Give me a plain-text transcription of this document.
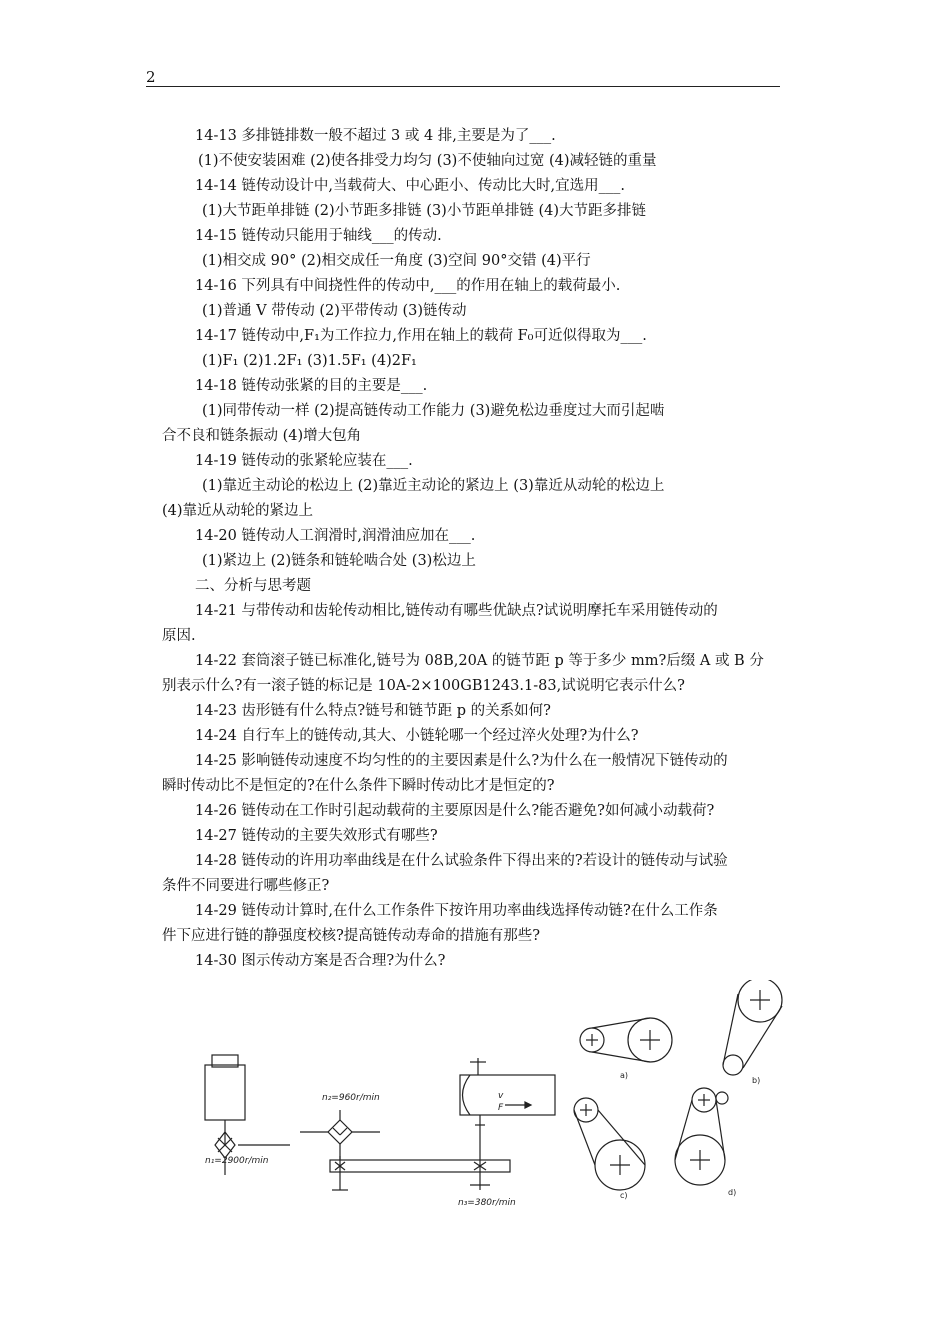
2
14-13 多排链排数一般不超过 3 或 4 排,主要是为了___.
(1)不使安装困难 (2)使各排受力均匀 (3)不使轴向过宽 (4)减轻链的重量
14-14 链传动设计中,当载荷大、中心距小、传动比大时,宜选用___.
(1)大节距单排链 (2)小节距多排链 (3)小节距单排链 (4)大节距多排链
14-15 链传动只能用于轴线___的传动.
(1)相交成 90° (2)相交成任一角度 (3)空间 90°交错 (4)平行
14-16 下列具有中间挠性件的传动中,___的作用在轴上的载荷最小.
(1)普通 V 带传动 (2)平带传动 (3)链传动
14-17 链传动中,F₁为工作拉力,作用在轴上的载荷 F₀可近似得取为___.
(1)F₁ (2)1.2F₁ (3)1.5F₁ (4)2F₁
14-18 链传动张紧的目的主要是___.
(1)同带传动一样 (2)提高链传动工作能力 (3)避免松边垂度过大而引起啮
合不良和链条振动 (4)增大包角
14-19 链传动的张紧轮应装在___.
(1)靠近主动论的松边上 (2)靠近主动论的紧边上 (3)靠近从动轮的松边上
(4)靠近从动轮的紧边上
14-20 链传动人工润滑时,润滑油应加在___.
(1)紧边上 (2)链条和链轮啮合处 (3)松边上
二、分析与思考题
14-21 与带传动和齿轮传动相比,链传动有哪些优缺点?试说明摩托车采用链传动的
原因.
14-22 套筒滚子链已标准化,链号为 08B,20A 的链节距 p 等于多少 mm?后缀 A 或 B 分
别表示什么?有一滚子链的标记是 10A-2×100GB1243.1-83,试说明它表示什么?
14-23 齿形链有什么特点?链号和链节距 p 的关系如何?
14-24 自行车上的链传动,其大、小链轮哪一个经过淬火处理?为什么?
14-25 影响链传动速度不均匀性的的主要因素是什么?为什么在一般情况下链传动的
瞬时传动比不是恒定的?在什么条件下瞬时传动比才是恒定的?
14-26 链传动在工作时引起动载荷的主要原因是什么?能否避免?如何减小动载荷?
14-27 链传动的主要失效形式有哪些?
14-28 链传动的许用功率曲线是在什么试验条件下得出来的?若设计的链传动与试验
条件不同要进行哪些修正?
14-29 链传动计算时,在什么工作条件下按许用功率曲线选择传动链?在什么工作条
件下应进行链的静强度校核?提高链传动寿命的措施有那些?
14-30 图示传动方案是否合理?为什么?
n₂=960r/min
n₁=2900r/min
n₃=380r/min
v
F
a)
b)
c)	d)
